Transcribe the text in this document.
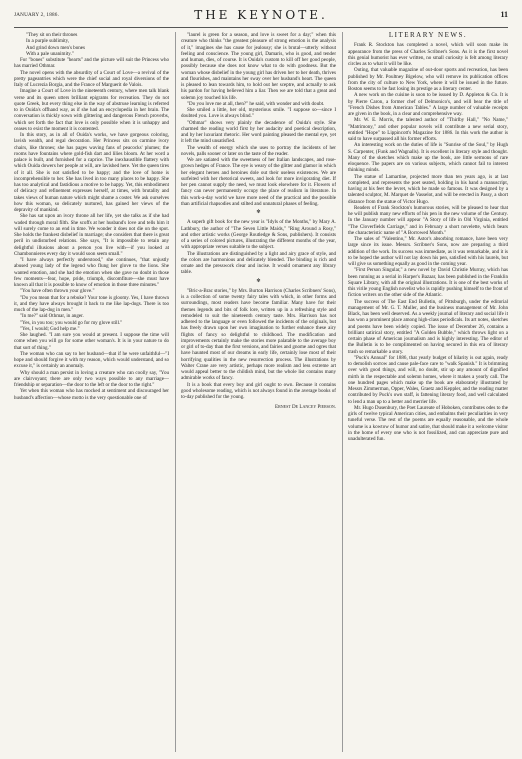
JANUARY 2, 1886.	THE KEYNOTE.	11

"They sit on their thrones

In a purple sublimity,

And grind down men's bones

With a pale unanimity."

For "bones" substitute "hearts" and the picture will suit the Princess who has married Othmar.

The novel opens with the absurdity of a Court of Love—a revival of the pretty pageantries which were the chief social and royal diversions of the Italy of Lucrezia Borgia, and the France of Marguerit de Valois.

Imagine a Court of Love in the nineteenth century, where men talk blank verse and its queen utters brilliant epigrams for recreation. They do not quote Greek, but every thing else in the way of abstruse learning is referred to in Ouida's offhand way, as if she had an encyclopedia in her brain. The conversation is thickly sown with glittering and dangerous French proverbs, which set forth the fact that love is only possible when it is unhappy and ceases to exist the moment it is contented.

In this story, as in all of Ouida's works, we have gorgeous coloring, lavish wealth, and regal decoration. Her Princess sits on carmine ivory chairs, like thrones; she has pages waving fans of peacocks' plumes; the rooms have fountains where gold-fish dart and lilies bloom. At her word a palace is built, and furnished for a caprice. The inexhaustible flattery with which Ouida dowers her people at will, are lavished here. Yet the queen tires of it all. She is not satisfied to be happy; and the love of home is incomprehensible to her. She has lived in too many places to be happy. She has too analytical and fastidious a motive to be happy. Yet, this embodiment of delicacy and refinement expresses herself, at times, with brutality and takes views of human nature which might shame a coster. We ask ourselves how this woman, so delicately nurtured, has gained her views of the depravity of mankind.

She has sat upon an ivory throne all her life, yet she talks as if she had waded through moral filth. She scoffs at her husband's love and tells him it will surely come to an end in time. We wonder it does not die on the spot. She holds the frankest disbelief in marriage; she considers that there is great peril in undisturbed relations. She says, "It is impossible to retain any delightful illusions about a person you live with—if you looked at Chambonnieres every day it would soon seem small."

"I have always perfectly understood," she continues, "that unjustly abused young lady of the legend who flung her glove to the lions. She wanted emotion, and she had the emotion when she gave no doubt in those few moments—fear, hope, pride, triumph, discomfiture—she must have known all that it is possible to know of emotion in those three minutes."

"You have often thrown your glove."

"Do you mean that for a rebuke? Your tone is gloomy. Yes, I have thrown it, and they have always brought it back to me like lap-dogs. There is too much of the lap-dog in men."

"In me?" said Othmar, in anger.

"Yes, in you too; you would go for my glove still."

"Yes, I would; God help me."

She laughed. "I am sure you would at present. I suppose the time will come when you will go for some other woman's. It is in your nature to do that sort of thing."

The woman who can say to her husband—that if he were unfaithful—"I hope and should forgive it with my reason, which would understand, and so excuse it," is certainly an anomaly.

Why should a man persist in loving a creature who can coolly say, "You are clairvoyant; there are only two ways possible to any marriage—friendship or separation—the door to the left or the door to the right."

Yet when this woman who has mocked at sentiment and discouraged her husband's affection—whose motto is the very questionable one of

"laurel is green for a season, and love is sweet for a day;" when this creature who thinks "the greatest pleasure of strong emotion is the analysis of it," imagines she has cause for jealousy; she is brutal—utterly without feeling and conscience. The young girl, Damaris, who is good, and tender and human, dies, of course. It is Ouida's custom to kill off her good people, possibly because she does not know what to do with goodness. But the woman whose disbelief in the young girl has driven her to her death, thrives and flourishes, and maintains her sway over her husband's heart. The queen is pleased to lean towards him, to hold out her sceptre, and actually to ask his pardon for having believed him a liar. Then we are told that a great and solemn joy touched his life.

"Do you love me at all, then?" he said, with wonder and with doubt.

She smiled a little, her old, mysterious smile. "I suppose so—since I doubted you. Love is always blind."

"Othmar" shows very plainly the decadence of Ouida's style. She charmed the reading world first by her audacity and poetical description, and by her luxuriant rhetoric. Her word painting pleased the mental eye, yet it left the mind unsatisfied.

The wealth of energy which she uses to portray the incidents of her novels, palls sooner or later on the taste of the reader.

We are satiated with the sweetness of her Italian landscapes, and rose-grown hedges of France. The eye is weary of the glitter and glamor in which her elegant heroes and heroines dole out their useless existences. We are surfeited with her rhetorical sweets, and look for more invigorating diet. If her pen cannot supply the need, we must look elsewhere for it. Flowers of fancy can never permanently occupy the place of realism in literature. In this work-a-day world we have more need of the practical and the possible than artificial rhapsodies and stilted and unnatural phases of feeling.

✻

A superb gift book for the new year is "Idyls of the Months," by Mary A. Lathbury, the author of "The Seven Little Maids," "Ring Around a Rosy," and other artistic works (George Routledge & Sons, publishers). It consists of a series of colored pictures, illustrating the different months of the year, with appropriate verses suitable to the subject.

The illustrations are distinguished by a light and airy grace of style, and the colors are harmonious and delicately blended. The binding is rich and ornate and the presswork clear and incise. It would ornament any library table.

✻

"Bric-a-Brac stories," by Mrs. Burton Harrison (Charles Scribners' Sons), is a collection of some twenty fairy tales with which, in other forms and surroundings, most readers have become familiar. Many have for their themes legends and bits of folk lore, written up in a refreshing style and remodeled to suit the nineteenth century taste. Mrs. Harrison has not adhered to the language or even followed the incidents of the originals, but has freely drawn upon her own imagination to further enhance these airy flights of fancy so delightful to childhood. The modification and improvements certainly make the stories more palatable to the average boy or girl of to-day than the first versions, and fairies and gnome and ogres that have haunted most of our dreams in early life, certainly lose most of their horrifying qualities in the new resurrection process. The illustrations by Walter Crane are very artistic, perhaps more realism and less extreme art would appeal better to the childish mind, but the whole list contains many admirable works of fancy.

It is a book that every boy and girl ought to own. Because it contains good wholesome reading, which is not always found in the average books of to-day published for the young.

Ernest De Lancey Pierson.

LITERARY NEWS.

Frank R. Stockton has completed a novel, which will soon make its appearance from the press of Charles Scribner's Sons. As it is the first novel this genial humorist has ever written, no small curiosity is felt among literary circles as to what it will be like.

Outing, that valuable magazine of out-door sports and recreation, has been published by Mr. Poultney Bigelow, who will remove its publication offices from the city of culture to New York, where it will be issued in the future. Boston seems to be fast losing its prestige as a literary center.

A new work on the cuisine is soon to be issued by D. Appleton & Co. It is by Pierre Caron, a former chef of Delmonico's, and will bear the title of "French Dishes from American Tables." A large number of valuable receipts are given in the book, in a clear and comprehensive way.

Mr. W. E. Morris, the talented author of "Thirlby Hall," "No Name," "Matrimony," and other popular novels will contribute a new serial story, entitled "Hope" to Lippincott's Magazine for 1886. In this work the author is said to have surpassed all his former efforts.

An interesting work on the duties of life is "Sunrise of the Soul," by Hugh S. Carpenter, (Funk and Wagnalls). It is excellent in literary style and thought. Many of the sketches which make up the book, are little sermons of rare eloquence. The papers are on various subjects, which cannot fail to interest thinking minds.

The statue of Lamartine, projected more than ten years ago, is at last completed, and represents the poet seated, holding in his hand a manuscript, having at his feet the levret, which he made so famous. It was designed by a talented sculptor, M. Marquet de Vasselot, and will be erected in Passy, a short distance from the statue of Victor Hugo.

Readers of Frank Stockton's humorous stories, will be pleased to hear that he will publish many new efforts of his pen in the new volume of the Century. In the January number will appear "A Story of life in Old Virginia, entitled "The Cloverfields Carriage," and in February a short novelette, which bears the characteristic name of "A Borrowed Month."

The sales of "Valentino," Mr. Astor's absorbing romance, have been very large since its issue. Messrs. Scribner's Sons, now are preparing a third addition of the work. Its success was immediate, as it was remarkable, and it is to be hoped the author will not lay down his pen, satisfied with his laurels, but will give us something equally as good in the coming year.

"First Person Singular," a new novel by David Christie Murray, which has been running as a serial in Harper's Bazaar, has been published in the Franklin Square Library, with all the original illustrations. It is one of the best works of this virile young English novelist who is rapidly pushing himself to the front of fiction writers on the other side of the Atlantic.

The success of The East End Bulletin, of Pittsburgh, under the editorial management of Mr. G. T. Muller, and the business management of Mr. John Black, has been well deserved. As a weekly journal of literary and social life it has won a prominent place among high-class periodicals. Its art notes, sketches and poems have been widely copied. The issue of December 26, contains a brilliant satirical story, entitled "A Golden Bubble," which throws light on a certain phase of American journalism and is highly interesting. The editor of the Bulletin is to be complimented on having secured in this era of literary trash so remarkable a story.

"Puck's Annual" for 1886, that yearly budget of hilarity is out again, ready to demolish sorrow and cause pale-face care to "walk Spanish." It is brimming over with good things, and will, no doubt, stir up any amount of dignified mirth in the respectable and solemn homes, where it makes a yearly call. The one hundred pages which make up the book are elaborately illustrated by Messrs Zimmerman, Opper, Wales, Graetz and Keppler, and the reading matter contributed by Puck's own staff, is fattening literary food, and well calculated to lend a man up to a better and merrier life.

Mr. Hugo Dusenbury, the Poet Laureate of Hoboken, contributes odes to the girls of twelve typical American cities, and embalms their peculiarities in very tuneful verse. The rest of the poems are equally reasonable, and the whole volume is a kowtow of humor and satire, that should make it a welcome visitor in the home of every one who is not fossilized, and can appreciate pure and unadulterated fun.
